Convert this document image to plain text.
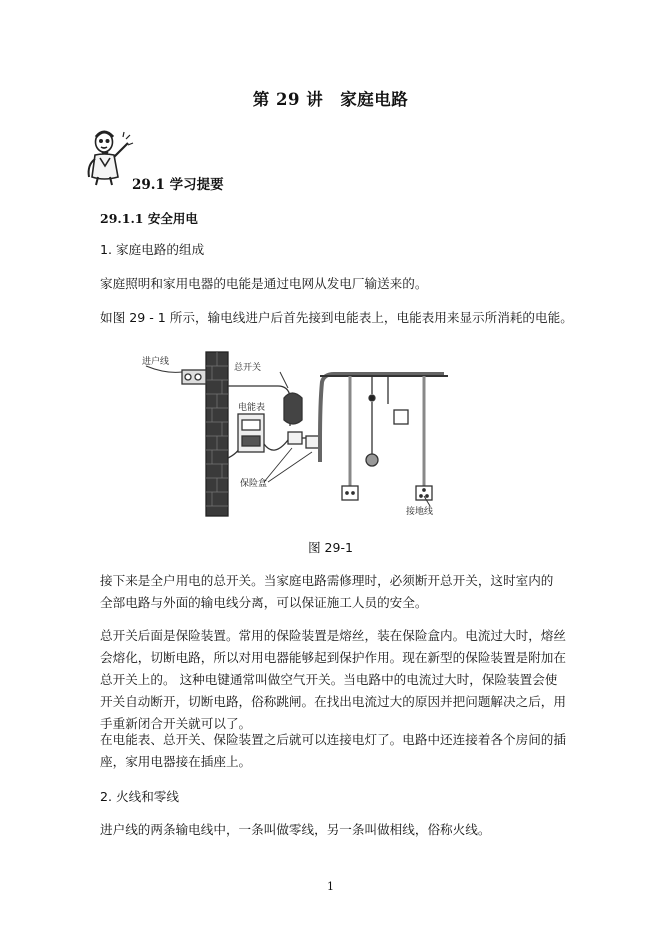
第 29 讲　家庭电路
29.1 学习提要
29.1.1 安全用电
1. 家庭电路的组成
家庭照明和家用电器的电能是通过电网从发电厂输送来的。
如图 29 - 1 所示，输电线进户后首先接到电能表上，电能表用来显示所消耗的电能。
进户线
总开关
电能表
保险盒
接地线
图 29-1
接下来是全户用电的总开关。当家庭电路需修理时，必须断开总开关，这时室内的全部电路与外面的输电线分离，可以保证施工人员的安全。
总开关后面是保险装置。常用的保险装置是熔丝，装在保险盒内。电流过大时，熔丝会熔化，切断电路，所以对用电器能够起到保护作用。现在新型的保险装置是附加在总开关上的。 这种电键通常叫做空气开关。当电路中的电流过大时，保险装置会使开关自动断开，切断电路，俗称跳闸。在找出电流过大的原因并把问题解决之后，用手重新闭合开关就可以了。
在电能表、总开关、保险装置之后就可以连接电灯了。电路中还连接着各个房间的插座，家用电器接在插座上。
2. 火线和零线
进户线的两条输电线中，一条叫做零线，另一条叫做相线，俗称火线。
1
